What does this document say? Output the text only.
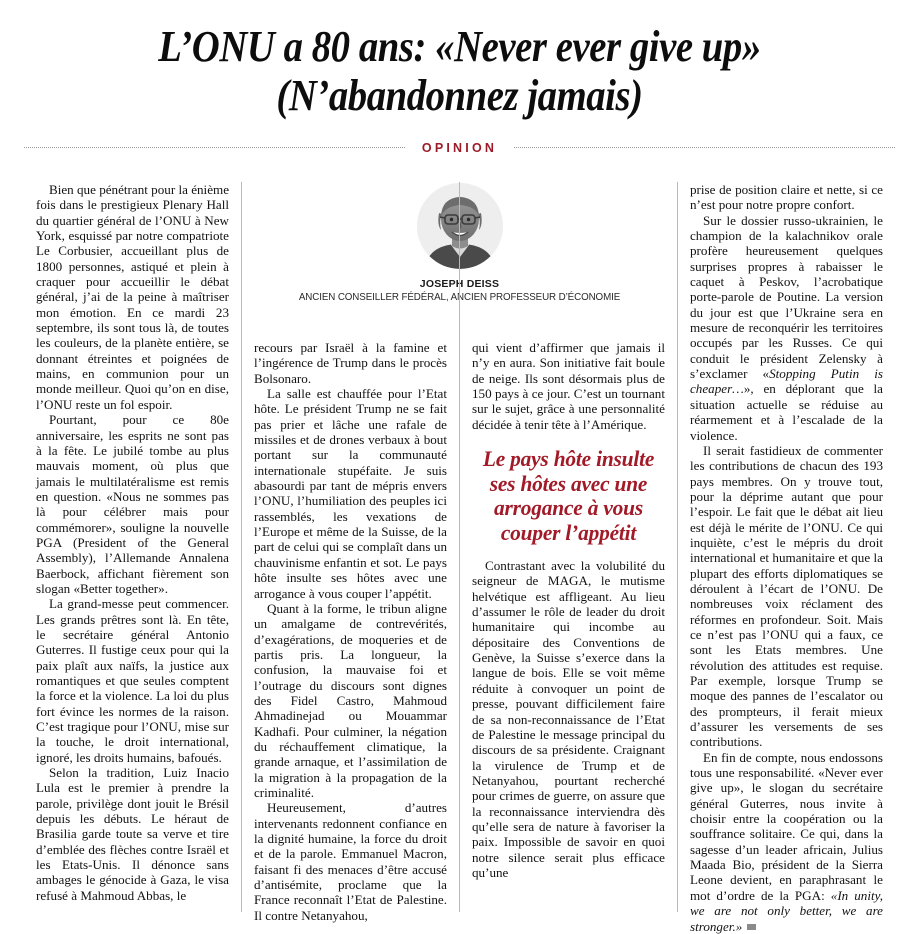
L’ONU a 80 ans: «Never ever give up»
(N’abandonnez jamais)
OPINION
JOSEPH DEISS
ANCIEN CONSEILLER FÉDÉRAL, ANCIEN PROFESSEUR D’ÉCONOMIE

Bien que pénétrant pour la énième fois dans le prestigieux Plenary Hall du quartier général de l’ONU à New York, esquissé par notre compatriote Le Corbusier, accueillant plus de 1800 personnes, astiqué et plein à craquer pour accueillir le débat général, j’ai de la peine à maîtriser mon émotion. En ce mardi 23 septembre, ils sont tous là, de toutes les couleurs, de la planète entière, se donnant étreintes et poignées de mains, en communion pour un monde meilleur. Quoi qu’on en dise, l’ONU reste un fol espoir.

Pourtant, pour ce 80e anniversaire, les esprits ne sont pas à la fête. Le jubilé tombe au plus mauvais moment, où plus que jamais le multilatéralisme est remis en question. «Nous ne sommes pas là pour célébrer mais pour commémorer», souligne la nouvelle PGA (President of the General Assembly), l’Allemande Annalena Baerbock, affichant fièrement son slogan «Better together».

La grand-messe peut commencer. Les grands prêtres sont là. En tête, le secrétaire général Antonio Guterres. Il fustige ceux pour qui la paix plaît aux naïfs, la justice aux romantiques et que seules comptent la force et la violence. La loi du plus fort évince les normes de la raison. C’est tragique pour l’ONU, mise sur la touche, le droit international, ignoré, les droits humains, bafoués.

Selon la tradition, Luiz Inacio Lula est le premier à prendre la parole, privilège dont jouit le Brésil depuis les débuts. Le héraut de Brasilia garde toute sa verve et tire d’emblée des flèches contre Israël et les Etats-Unis. Il dénonce sans ambages le génocide à Gaza, le visa refusé à Mahmoud Abbas, le

recours par Israël à la famine et l’ingérence de Trump dans le procès Bolsonaro.

La salle est chauffée pour l’Etat hôte. Le président Trump ne se fait pas prier et lâche une rafale de missiles et de drones verbaux à bout portant sur la communauté internationale stupéfaite. Je suis abasourdi par tant de mépris envers l’ONU, l’humiliation des peuples ici rassemblés, les vexations de l’Europe et même de la Suisse, de la part de celui qui se complaît dans un chauvinisme enfantin et sot. Le pays hôte insulte ses hôtes avec une arrogance à vous couper l’appétit.

Quant à la forme, le tribun aligne un amalgame de contrevérités, d’exagérations, de moqueries et de partis pris. La longueur, la confusion, la mauvaise foi et l’outrage du discours sont dignes des Fidel Castro, Mahmoud Ahmadinejad ou Mouammar Kadhafi. Pour culminer, la négation du réchauffement climatique, la grande arnaque, et l’assimilation de la migration à la propagation de la criminalité.

Heureusement, d’autres intervenants redonnent confiance en la dignité humaine, la force du droit et de la parole. Emmanuel Macron, faisant fi des menaces d’être accusé d’antisémite, proclame que la France reconnaît l’Etat de Palestine. Il contre Netanyahou,

qui vient d’affirmer que jamais il n’y en aura. Son initiative fait boule de neige. Ils sont désormais plus de 150 pays à ce jour. C’est un tournant sur le sujet, grâce à une personnalité décidée à tenir tête à l’Amérique.

Le pays hôte insulte ses hôtes avec une arrogance à vous couper l’appétit

Contrastant avec la volubilité du seigneur de MAGA, le mutisme helvétique est affligeant. Au lieu d’assumer le rôle de leader du droit humanitaire qui incombe au dépositaire des Conventions de Genève, la Suisse s’exerce dans la langue de bois. Elle se voit même réduite à convoquer un point de presse, pouvant difficilement faire de sa non-reconnaissance de l’Etat de Palestine le message principal du discours de sa présidente. Craignant la virulence de Trump et de Netanyahou, pourtant recherché pour crimes de guerre, on assure que la reconnaissance interviendra dès qu’elle sera de nature à favoriser la paix. Impossible de savoir en quoi notre silence serait plus efficace qu’une

prise de position claire et nette, si ce n’est pour notre propre confort.

Sur le dossier russo-ukrainien, le champion de la kalachnikov orale profère heureusement quelques surprises propres à rabaisser le caquet à Peskov, l’acrobatique porte-parole de Poutine. La version du jour est que l’Ukraine sera en mesure de reconquérir les territoires occupés par les Russes. Ce qui conduit le président Zelensky à s’exclamer «Stopping Putin is cheaper…», en déplorant que la situation actuelle se réduise au réarmement et à l’escalade de la violence.

Il serait fastidieux de commenter les contributions de chacun des 193 pays membres. On y trouve tout, pour la déprime autant que pour l’espoir. Le fait que le débat ait lieu est déjà le mérite de l’ONU. Ce qui inquiète, c’est le mépris du droit international et humanitaire et que la plupart des efforts diplomatiques se déroulent à l’écart de l’ONU. De nombreuses voix réclament des réformes en profondeur. Soit. Mais ce n’est pas l’ONU qui a faux, ce sont les Etats membres. Une révolution des attitudes est requise. Par exemple, lorsque Trump se moque des pannes de l’escalator ou des prompteurs, il ferait mieux d’assurer les versements de ses contributions.

En fin de compte, nous endossons tous une responsabilité. «Never ever give up», le slogan du secrétaire général Guterres, nous invite à choisir entre la coopération ou la souffrance solitaire. Ce qui, dans la sagesse d’un leader africain, Julius Maada Bio, président de la Sierra Leone devient, en paraphrasant le mot d’ordre de la PGA: «In unity, we are not only better, we are stronger.»
